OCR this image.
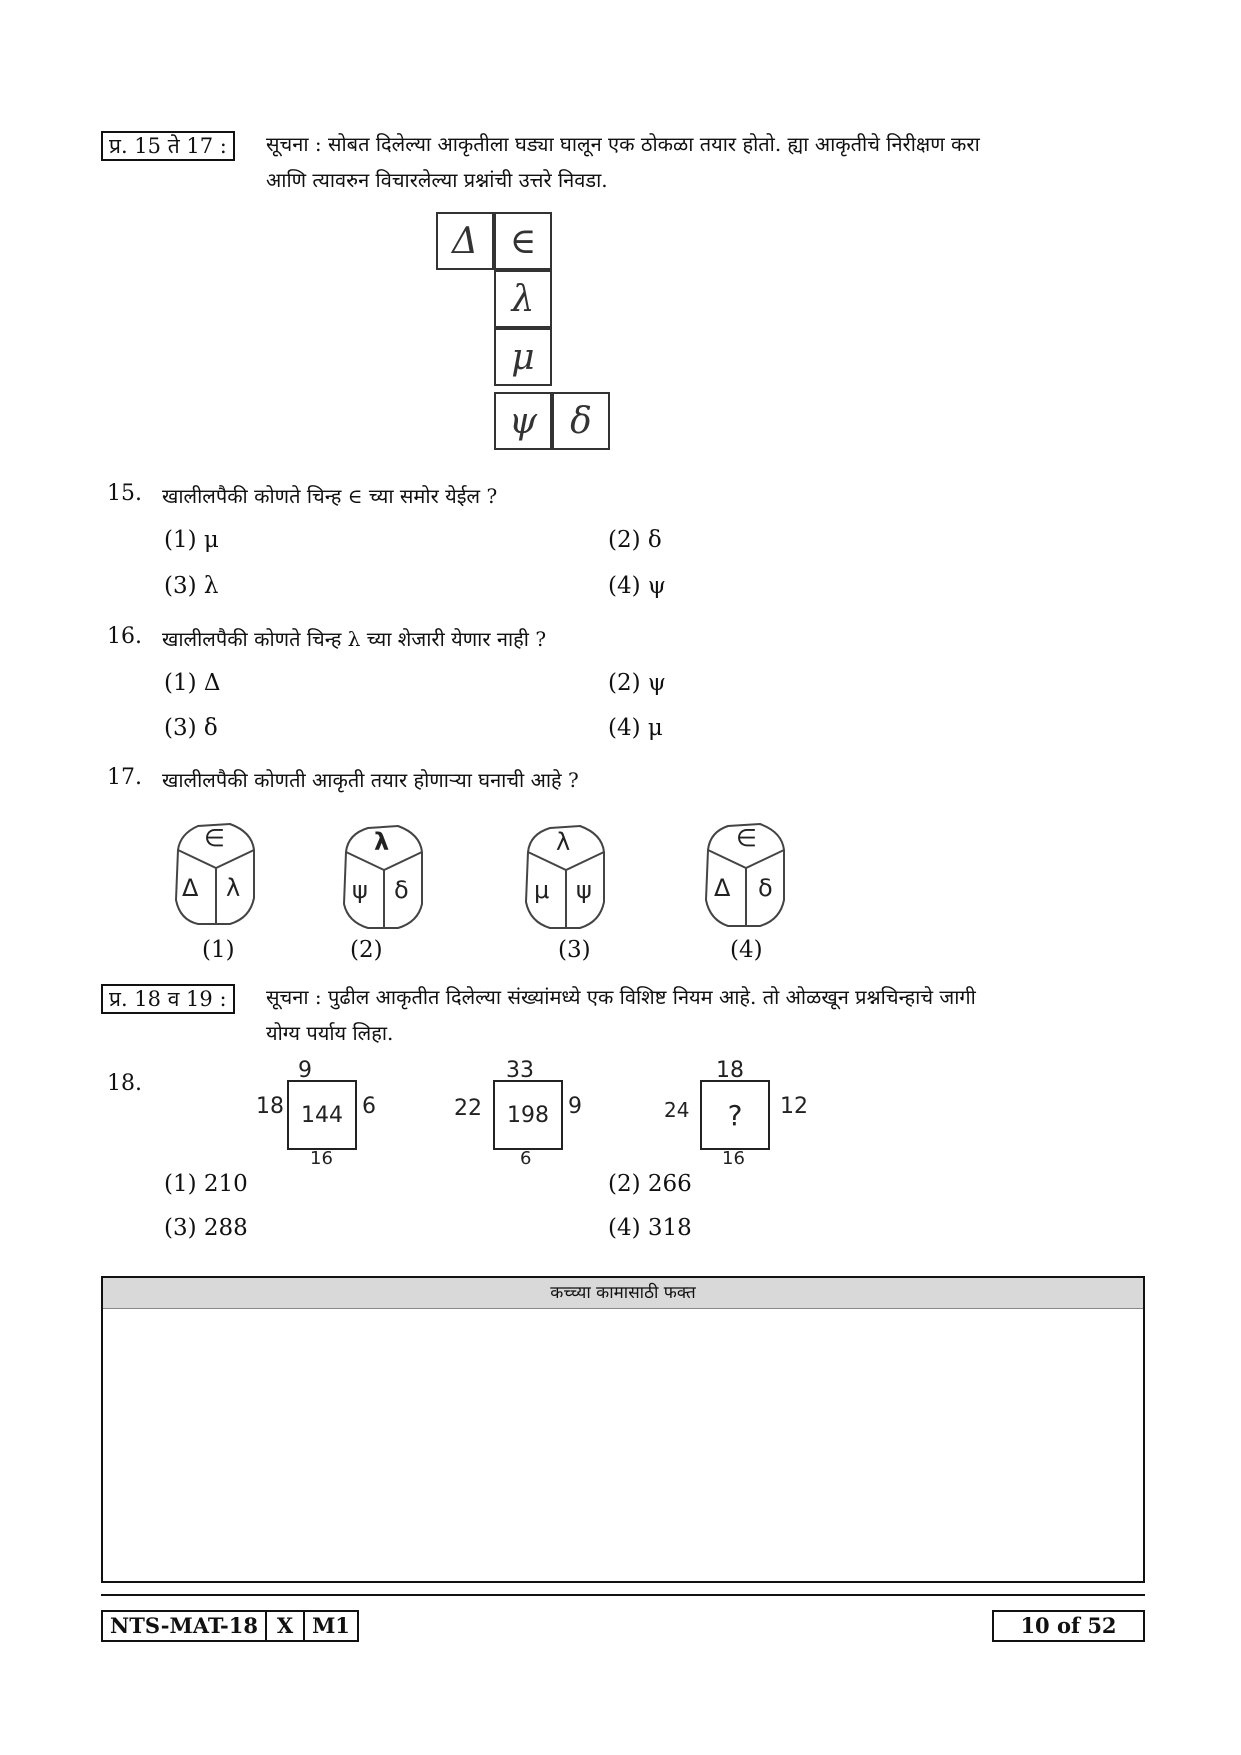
प्र. 15 ते 17 :	सूचना : सोबत दिलेल्या आकृतीला घड्या घालून एक ठोकळा तयार होतो. ह्या आकृतीचे निरीक्षण करा
आणि त्यावरुन विचारलेल्या प्रश्नांची उत्तरे निवडा.
Δ ∈
λ
μ
ψ δ
15. खालीलपैकी कोणते चिन्ह ∈ च्या समोर येईल ?
(1) μ	(2) δ
(3) λ	(4) ψ
16. खालीलपैकी कोणते चिन्ह λ च्या शेजारी येणार नाही ?
(1) Δ	(2) ψ
(3) δ	(4) μ
17. खालीलपैकी कोणती आकृती तयार होणाऱ्या घनाची आहे ?
∈
Δ λ
λ
ψ δ
λ
μ ψ
∈
Δ δ
(1)	(2)	(3)	(4)
प्र. 18 व 19 :	सूचना : पुढील आकृतीत दिलेल्या संख्यांमध्ये एक विशिष्ट नियम आहे. तो ओळखून प्रश्नचिन्हाचे जागी
योग्य पर्याय लिहा.
18.
9
18 144 6
16
33
22	198 9
6
18
24	?	12
16
(1) 210	(2) 266
(3) 288	(4) 318
कच्च्या कामासाठी फक्त
NTS-MAT-18 X M1	10 of 52
